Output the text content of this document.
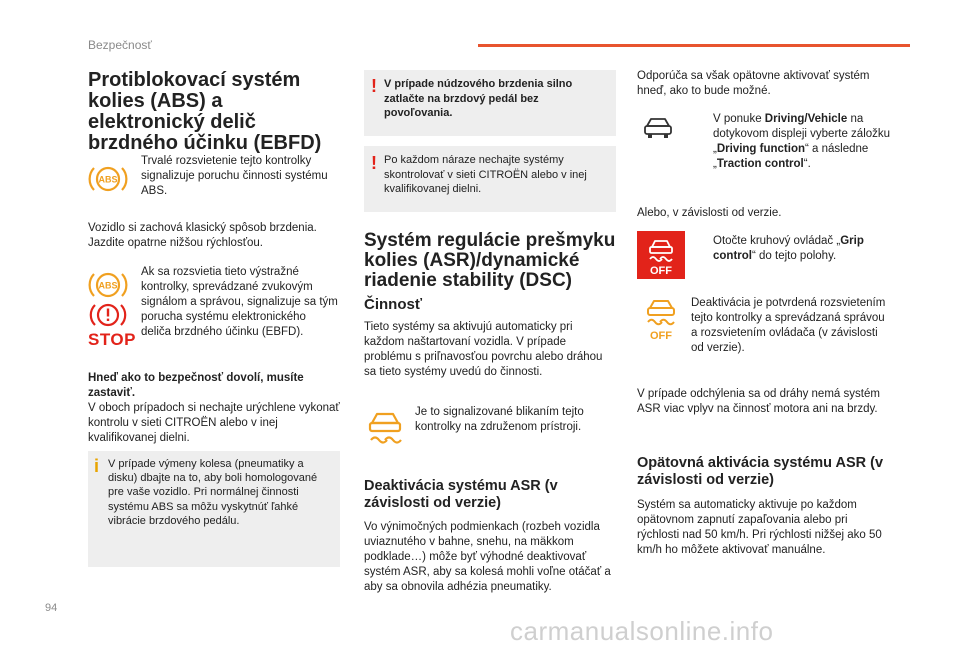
Bezpečnosť
Protiblokovací systém kolies (ABS) a elektronický delič brzdného účinku (EBFD)
ABS
Trvalé rozsvietenie tejto kontrolky signalizuje poruchu činnosti systému ABS.
Vozidlo si zachová klasický spôsob brzdenia. Jazdite opatrne nižšou rýchlosťou.
ABS
STOP
Ak sa rozsvietia tieto výstražné kontrolky, sprevádzané zvukovým signálom a správou, signalizuje sa tým porucha systému elektronického deliča brzdného účinku (EBFD).
Hneď ako to bezpečnosť dovolí, musíte zastaviť.
V oboch prípadoch si nechajte urýchlene vykonať kontrolu v sieti CITROËN alebo v inej kvalifikovanej dielni.
i V prípade výmeny kolesa (pneumatiky a disku) dbajte na to, aby boli homologované pre vaše vozidlo. Pri normálnej činnosti systému ABS sa môžu vyskytnúť ľahké vibrácie brzdového pedálu.
! V prípade núdzového brzdenia silno zatlačte na brzdový pedál bez povoľovania.
! Po každom náraze nechajte systémy skontrolovať v sieti CITROËN alebo v inej kvalifikovanej dielni.
Systém regulácie prešmyku kolies (ASR)/dynamické riadenie stability (DSC)
Činnosť
Tieto systémy sa aktivujú automaticky pri každom naštartovaní vozidla. V prípade problému s priľnavosťou povrchu alebo dráhou sa tieto systémy uvedú do činnosti.
Je to signalizované blikaním tejto kontrolky na združenom prístroji.
Deaktivácia systému ASR (v závislosti od verzie)
Vo výnimočných podmienkach (rozbeh vozidla uviaznutého v bahne, snehu, na mäkkom podklade…) môže byť výhodné deaktivovať systém ASR, aby sa kolesá mohli voľne otáčať a aby sa obnovila adhézia pneumatiky.
Odporúča sa však opätovne aktivovať systém hneď, ako to bude možné.
V ponuke Driving/Vehicle na dotykovom displeji vyberte záložku „Driving function“ a následne „Traction control“.
Alebo, v závislosti od verzie.
OFF
Otočte kruhový ovládač „Grip control“ do tejto polohy.
OFF
Deaktivácia je potvrdená rozsvietením tejto kontrolky a sprevádzaná správou a rozsvietením ovládača (v závislosti od verzie).
V prípade odchýlenia sa od dráhy nemá systém ASR viac vplyv na činnosť motora ani na brzdy.
Opätovná aktivácia systému ASR (v závislosti od verzie)
Systém sa automaticky aktivuje po každom opätovnom zapnutí zapaľovania alebo pri rýchlosti nad 50 km/h. Pri rýchlosti nižšej ako 50 km/h ho môžete aktivovať manuálne.
94
carmanualsonline.info
